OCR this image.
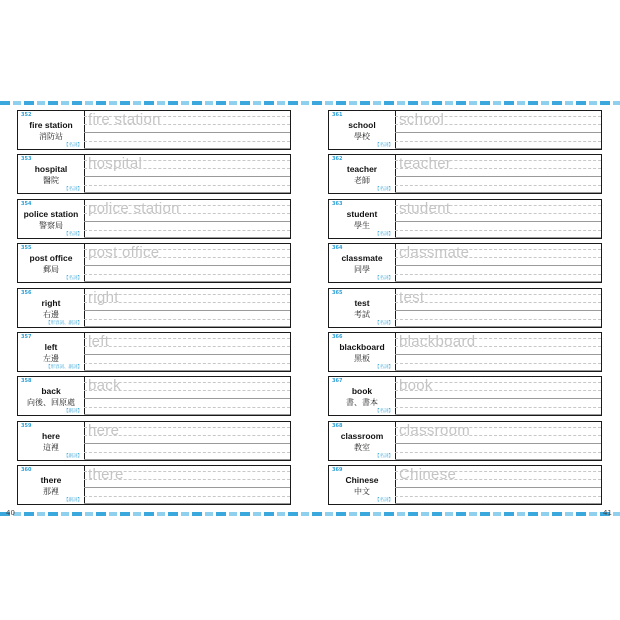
40	41
352
fire station
消防站
【名詞】
fire station
353
hospital
醫院
【名詞】
hospital
354
police station
警察局
【名詞】
police station
355
post office
郵局
【名詞】
post office
356
right
右邊
【形容詞、副詞】
right
357
left
左邊
【形容詞、副詞】
left
358
back
向後、回原處
【副詞】
back
359
here
這裡
【副詞】
here
360
there
那裡
【副詞】
there
361
school
學校
【名詞】
school
362
teacher
老師
【名詞】
teacher
363
student
學生
【名詞】
student
364
classmate
同學
【名詞】
classmate
365
test
考試
【名詞】
test
366
blackboard
黑板
【名詞】
blackboard
367
book
書、書本
【名詞】
book
368
classroom
教室
【名詞】
classroom
369
Chinese
中文
【名詞】
Chinese
